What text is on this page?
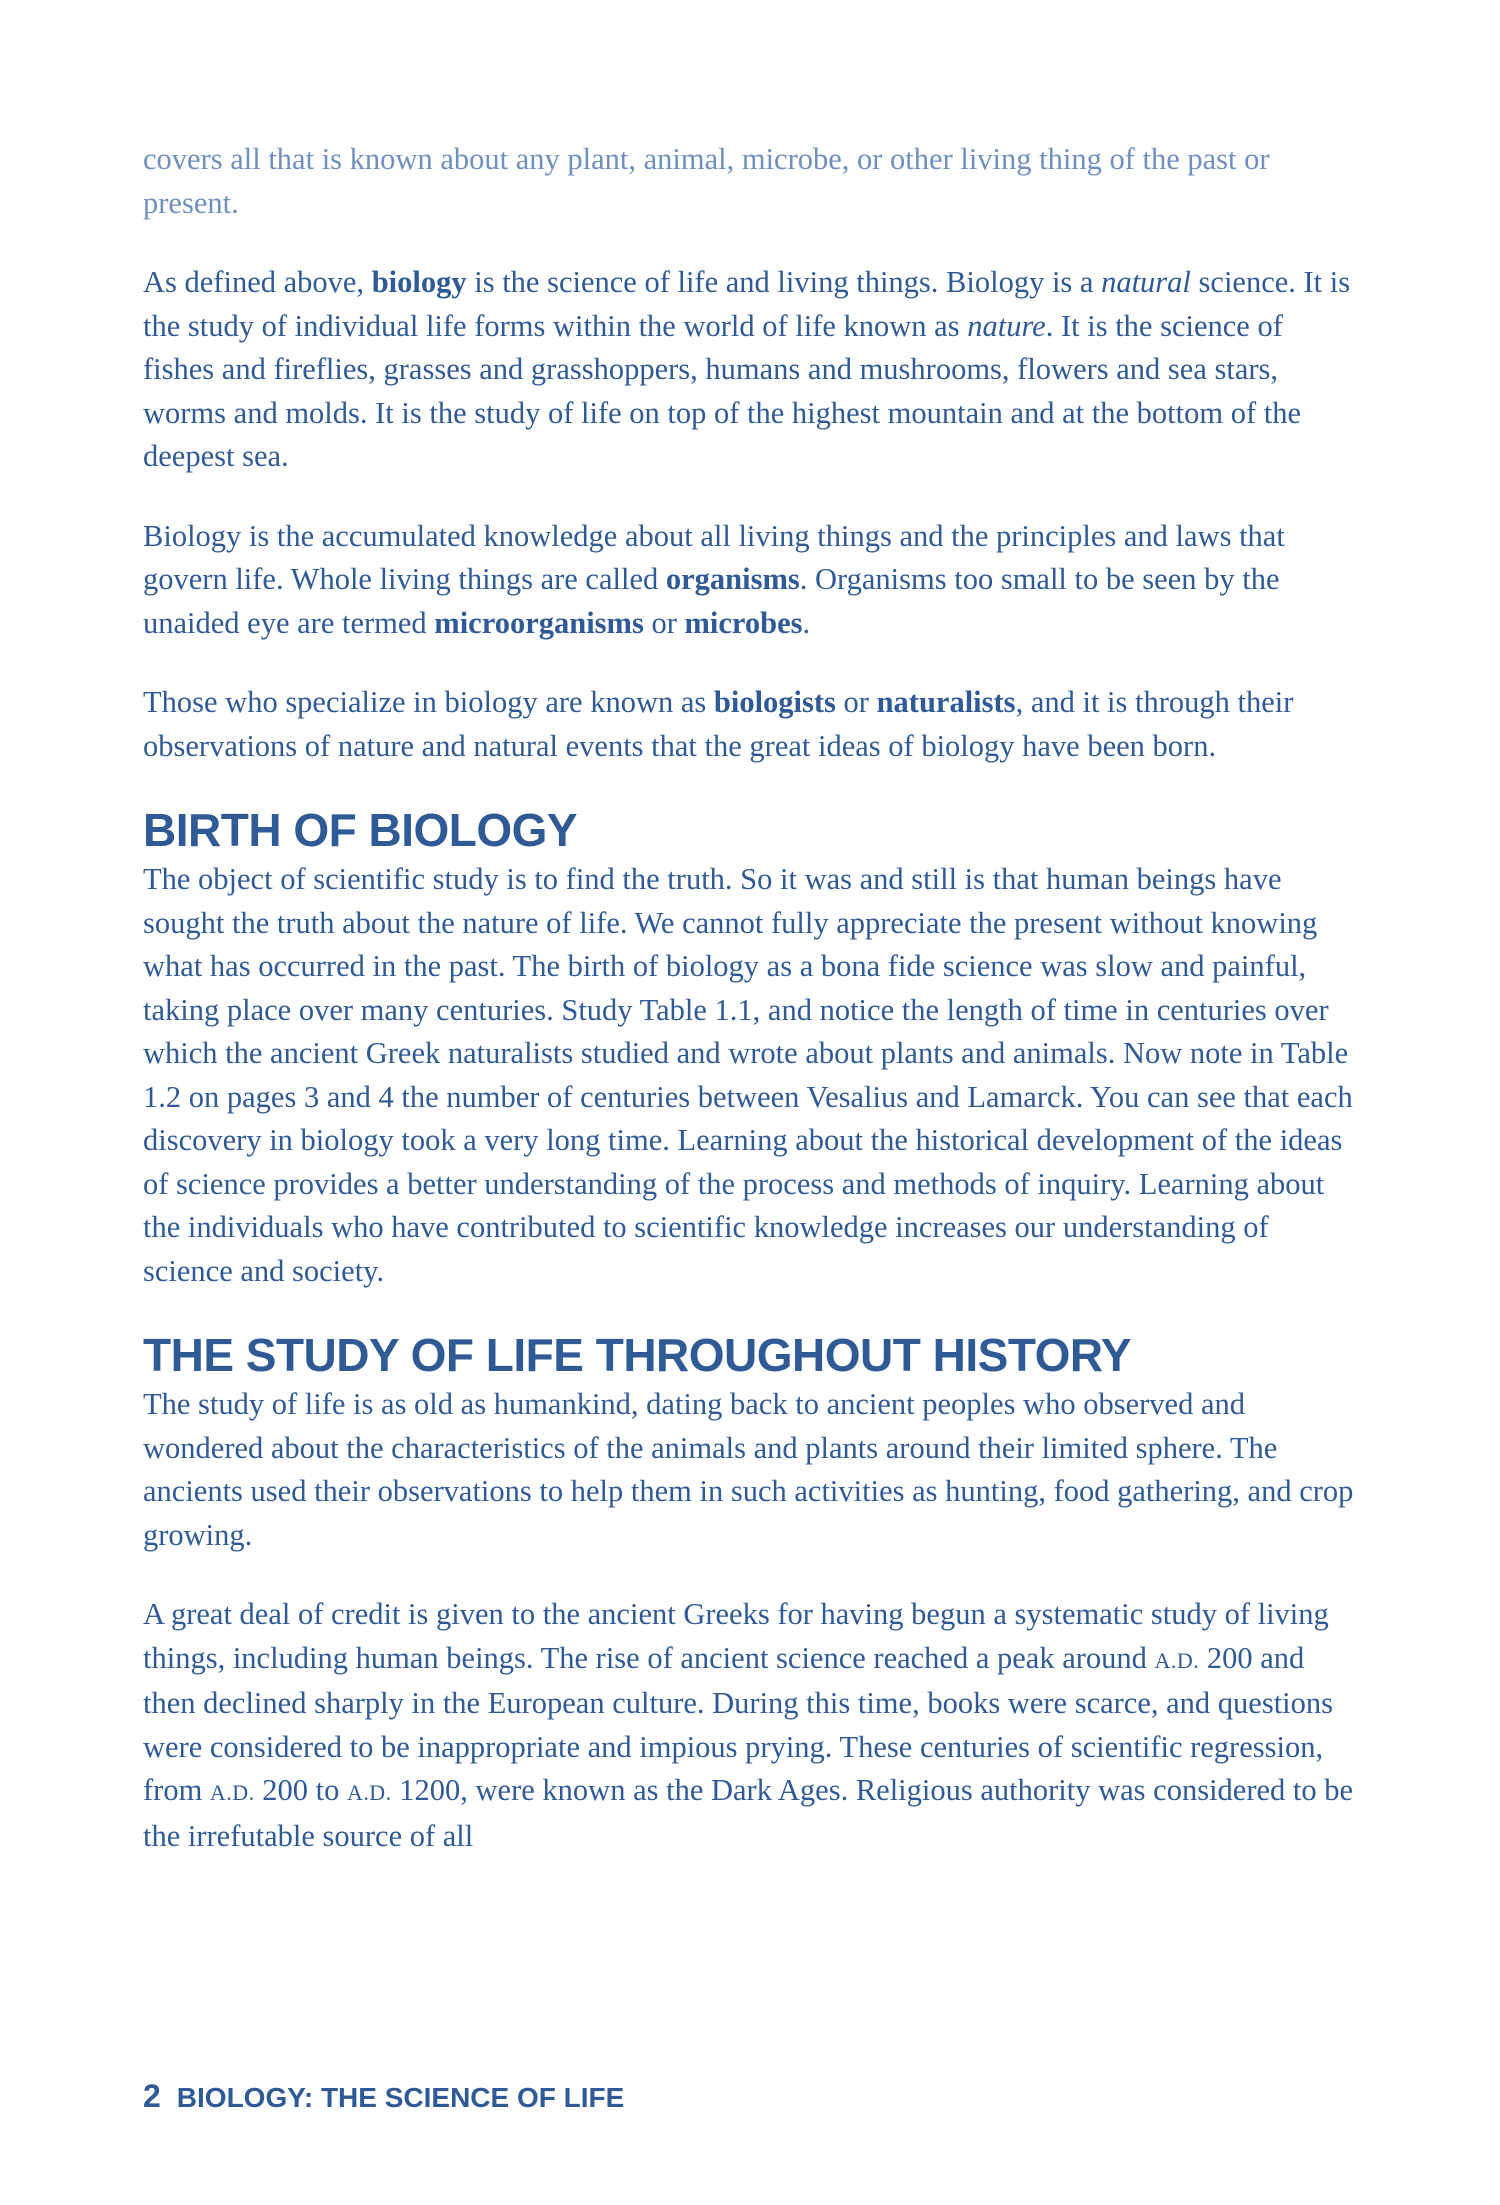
covers all that is known about any plant, animal, microbe, or other living thing of the past or present.

As defined above, biology is the science of life and living things. Biology is a natural science. It is the study of individual life forms within the world of life known as nature. It is the science of fishes and fireflies, grasses and grasshoppers, humans and mushrooms, flowers and sea stars, worms and molds. It is the study of life on top of the highest mountain and at the bottom of the deepest sea.

Biology is the accumulated knowledge about all living things and the principles and laws that govern life. Whole living things are called organisms. Organisms too small to be seen by the unaided eye are termed microorganisms or microbes.

Those who specialize in biology are known as biologists or naturalists, and it is through their observations of nature and natural events that the great ideas of biology have been born.

BIRTH OF BIOLOGY

The object of scientific study is to find the truth. So it was and still is that human beings have sought the truth about the nature of life. We cannot fully appreciate the present without knowing what has occurred in the past. The birth of biology as a bona fide science was slow and painful, taking place over many centuries. Study Table 1.1, and notice the length of time in centuries over which the ancient Greek naturalists studied and wrote about plants and animals. Now note in Table 1.2 on pages 3 and 4 the number of centuries between Vesalius and Lamarck. You can see that each discovery in biology took a very long time. Learning about the historical development of the ideas of science provides a better understanding of the process and methods of inquiry. Learning about the individuals who have contributed to scientific knowledge increases our understanding of science and society.

THE STUDY OF LIFE THROUGHOUT HISTORY

The study of life is as old as humankind, dating back to ancient peoples who observed and wondered about the characteristics of the animals and plants around their limited sphere. The ancients used their observations to help them in such activities as hunting, food gathering, and crop growing.

A great deal of credit is given to the ancient Greeks for having begun a systematic study of living things, including human beings. The rise of ancient science reached a peak around A.D. 200 and then declined sharply in the European culture. During this time, books were scarce, and questions were considered to be inappropriate and impious prying. These centuries of scientific regression, from A.D. 200 to A.D. 1200, were known as the Dark Ages. Religious authority was considered to be the irrefutable source of all

2 BIOLOGY: THE SCIENCE OF LIFE
